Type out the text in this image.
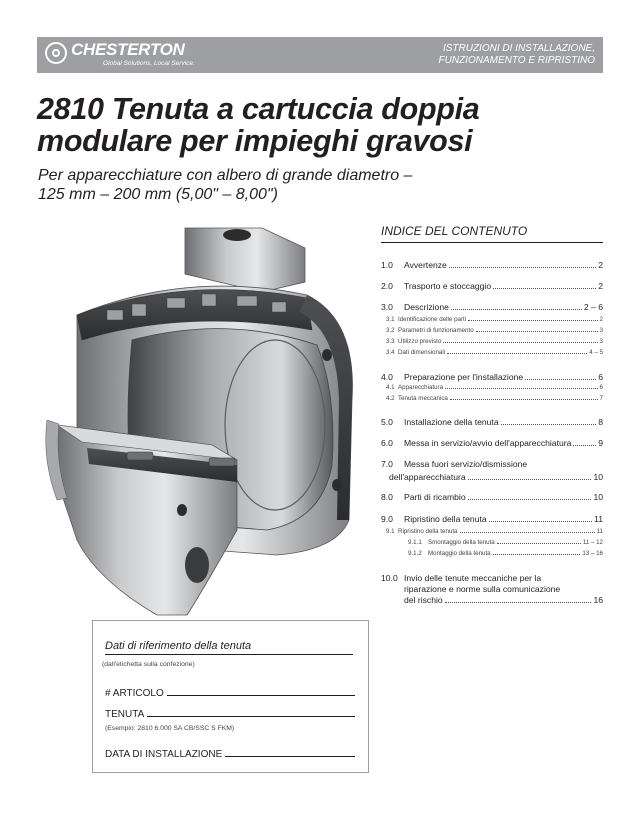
CHESTERTON
Global Solutions, Local Service.
ISTRUZIONI DI INSTALLAZIONE,
FUNZIONAMENTO E RIPRISTINO
2810 Tenuta a cartuccia doppia
modulare per impieghi gravosi
Per apparecchiature con albero di grande diametro –
125 mm – 200 mm (5,00" – 8,00")
INDICE DEL CONTENUTO
1.0	Avvertenze	2
2.0	Trasporto e stoccaggio	2
3.0	Descrizione	2 – 6
3.1 Identificazione delle parti	2
3.2 Parametri di funzionamento	3
3.3 Utilizzo previsto	3
3.4 Dati dimensionali	4 – 5
4.0	Preparazione per l'installazione	6
4.1 Apparecchiatura	6
4.2 Tenuta meccanica	7
5.0	Installazione della tenuta	8
6.0	Messa in servizio/avvio dell'apparecchiatura	9
7.0 Messa fuori servizio/dismissione
dell'apparecchiatura	10
8.0	Parti di ricambio	10
9.0	Ripristino della tenuta	11
9.1 Ripristino della tenuta	11
9.1.1	Smontaggio della tenuta	11 – 12
9.1.2	Montaggio della tenuta	13 – 16
10.0 Invio delle tenute meccaniche per la
riparazione e norme sulla comunicazione
del rischio	16
Dati di riferimento della tenuta
(dall'etichetta sulla confezione)
# ARTICOLO
TENUTA
(Esempio: 2810 6.000 SA CB/SSC S FKM)
DATA DI INSTALLAZIONE
